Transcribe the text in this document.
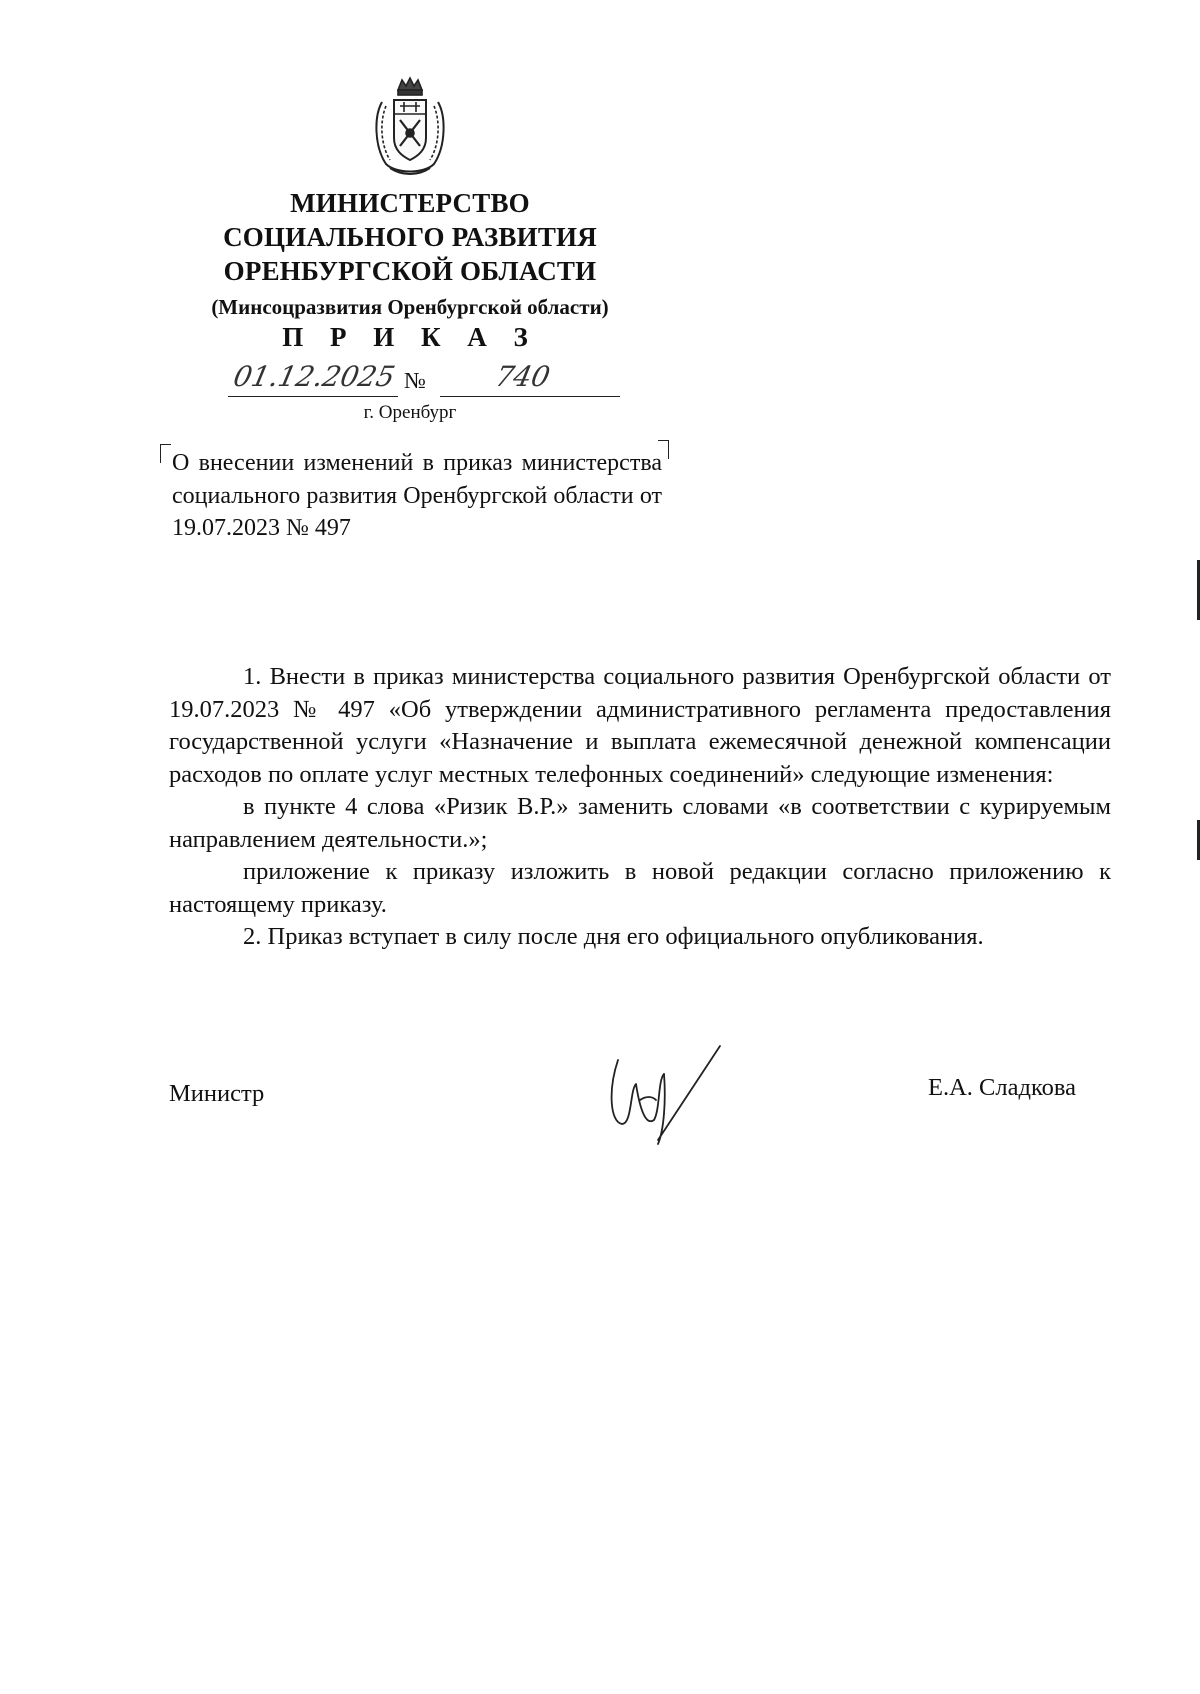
МИНИСТЕРСТВО
СОЦИАЛЬНОГО РАЗВИТИЯ
ОРЕНБУРГСКОЙ ОБЛАСТИ
(Минсоцразвития Оренбургской области)
П Р И К А З
01.12.2025 № 740
г. Оренбург
О внесении изменений в приказ министерства социального развития Оренбургской области от 19.07.2023 № 497

1. Внести в приказ министерства социального развития Оренбургской области от 19.07.2023 № 497 «Об утверждении административного регламента предоставления государственной услуги «Назначение и выплата ежемесячной денежной компенсации расходов по оплате услуг местных телефонных соединений» следующие изменения:

в пункте 4 слова «Ризик В.Р.» заменить словами «в соответствии с курируемым направлением деятельности.»;

приложение к приказу изложить в новой редакции согласно приложению к настоящему приказу.

2. Приказ вступает в силу после дня его официального опубликования.

Министр	Е.А. Сладкова
